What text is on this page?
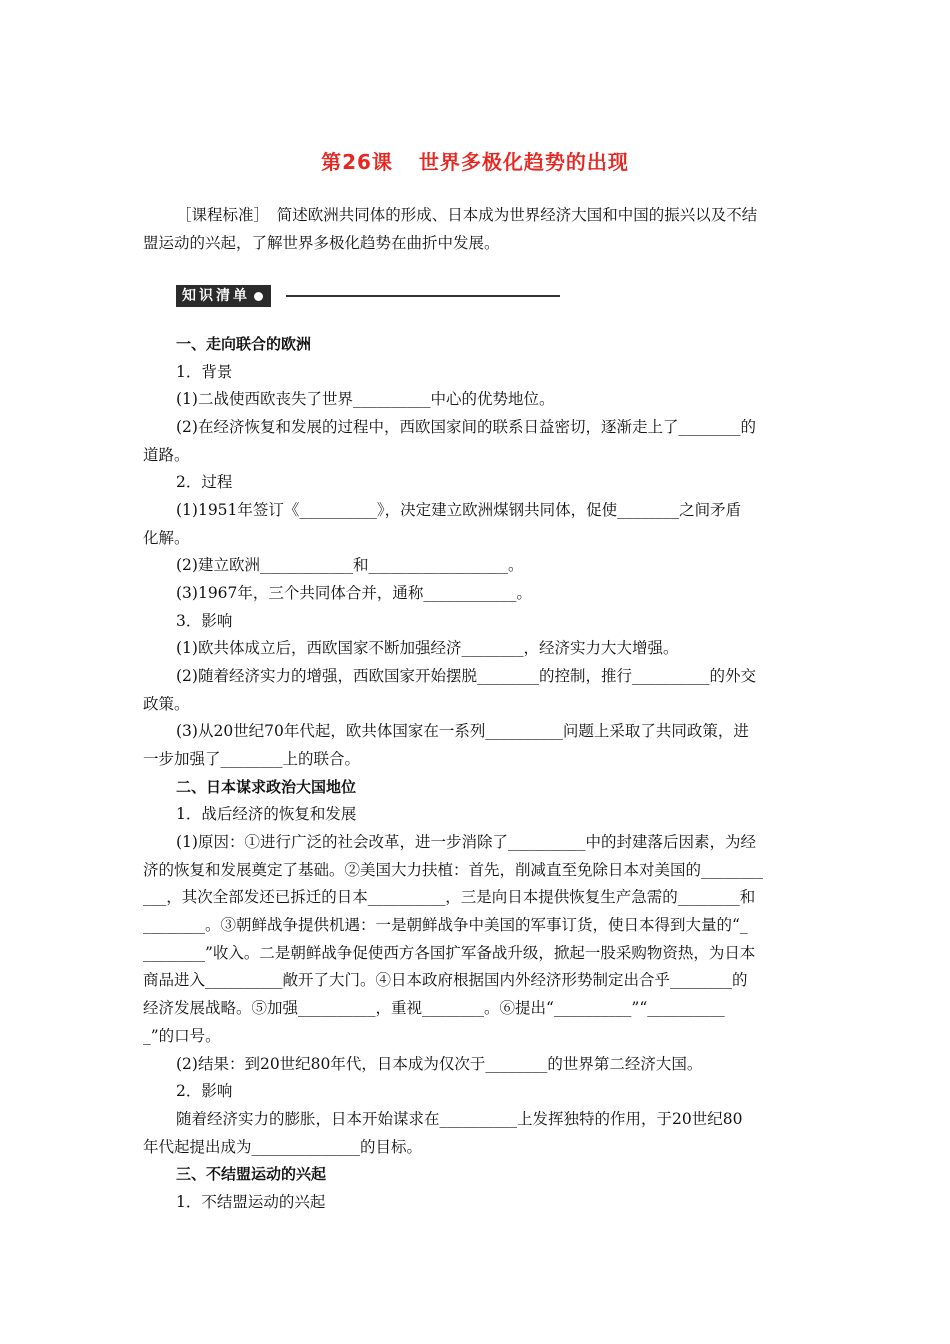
第26课 世界多极化趋势的出现
［课程标准］　简述欧洲共同体的形成、日本成为世界经济大国和中国的振兴以及不结
盟运动的兴起，了解世界多极化趋势在曲折中发展。
知识清单
一、走向联合的欧洲
1．背景
(1)二战使西欧丧失了世界__________中心的优势地位。
(2)在经济恢复和发展的过程中，西欧国家间的联系日益密切，逐渐走上了________的
道路。
2．过程
(1)1951年签订《__________》，决定建立欧洲煤钢共同体，促使________之间矛盾
化解。
(2)建立欧洲____________和__________________。
(3)1967年，三个共同体合并，通称____________。
3．影响
(1)欧共体成立后，西欧国家不断加强经济________，经济实力大大增强。
(2)随着经济实力的增强，西欧国家开始摆脱________的控制，推行__________的外交
政策。
(3)从20世纪70年代起，欧共体国家在一系列__________问题上采取了共同政策，进
一步加强了________上的联合。
二、日本谋求政治大国地位
1．战后经济的恢复和发展
(1)原因：①进行广泛的社会改革，进一步消除了__________中的封建落后因素，为经
济的恢复和发展奠定了基础。②美国大力扶植：首先，削减直至免除日本对美国的________
___，其次全部发还已拆迁的日本__________，三是向日本提供恢复生产急需的________和
________。③朝鲜战争提供机遇：一是朝鲜战争中美国的军事订货，使日本得到大量的“_
________”收入。二是朝鲜战争促使西方各国扩军备战升级，掀起一股采购物资热，为日本
商品进入__________敞开了大门。④日本政府根据国内外经济形势制定出合乎________的
经济发展战略。⑤加强__________，重视________。⑥提出“__________”“__________
_”的口号。
(2)结果：到20世纪80年代，日本成为仅次于________的世界第二经济大国。
2．影响
随着经济实力的膨胀，日本开始谋求在__________上发挥独特的作用，于20世纪80
年代起提出成为______________的目标。
三、不结盟运动的兴起
1．不结盟运动的兴起
